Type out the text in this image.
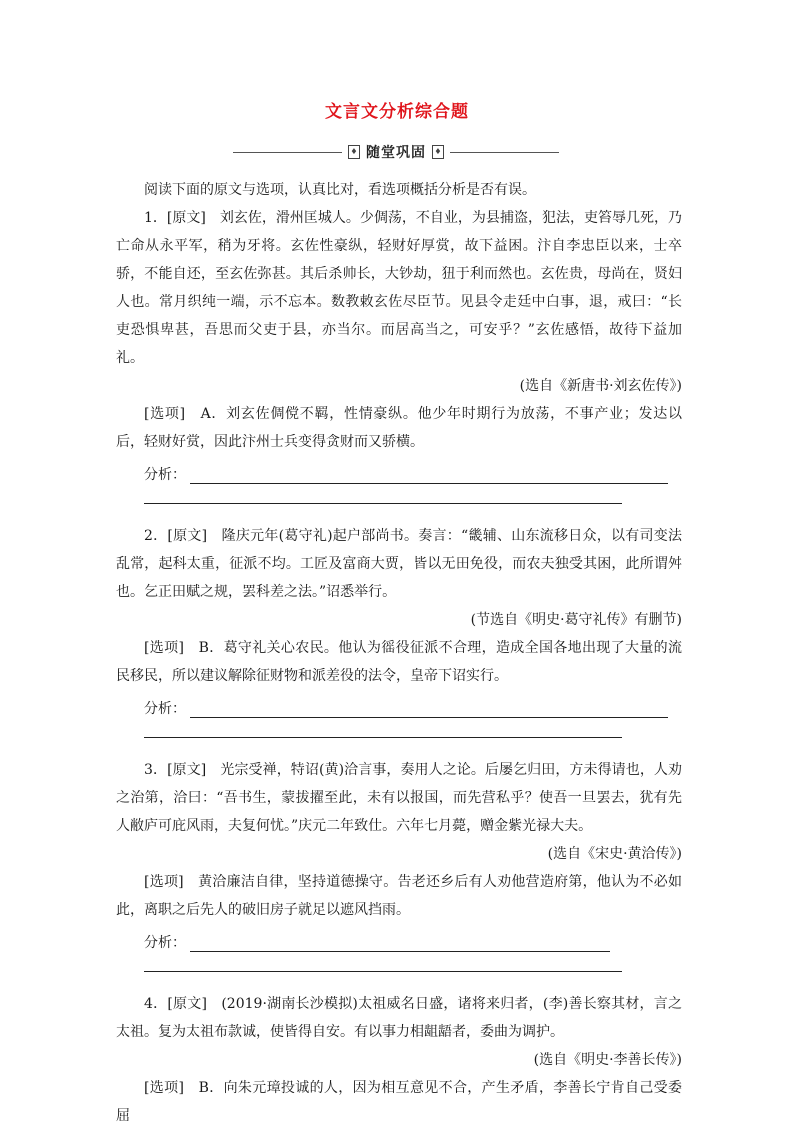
文言文分析综合题
♦ 随堂巩固	♦

阅读下面的原文与选项，认真比对，看选项概括分析是否有误。

1．[原文]　刘玄佐，滑州匡城人。少倜荡，不自业，为县捕盗，犯法，吏笞辱几死，乃亡命从永平军，稍为牙将。玄佐性豪纵，轻财好厚赏，故下益困。汴自李忠臣以来，士卒骄，不能自还，至玄佐弥甚。其后杀帅长，大钞劫，狃于利而然也。玄佐贵，母尚在，贤妇人也。常月织纯一端，示不忘本。数教敕玄佐尽臣节。见县令走廷中白事，退，戒曰：“长吏恐惧卑甚，吾思而父吏于县，亦当尔。而居高当之，可安乎？”玄佐感悟，故待下益加礼。

(选自《新唐书·刘玄佐传》)

[选项]　A．刘玄佐倜傥不羁，性情豪纵。他少年时期行为放荡，不事产业；发达以后，轻财好赏，因此汴州士兵变得贪财而又骄横。

分析：

2．[原文]　隆庆元年(葛守礼)起户部尚书。奏言：“畿辅、山东流移日众，以有司变法乱常，起科太重，征派不均。工匠及富商大贾，皆以无田免役，而农夫独受其困，此所谓舛也。乞正田赋之规，罢科差之法。”诏悉举行。

(节选自《明史·葛守礼传》有删节)

[选项]　B．葛守礼关心农民。他认为徭役征派不合理，造成全国各地出现了大量的流民移民，所以建议解除征财物和派差役的法令，皇帝下诏实行。

分析：

3．[原文]　光宗受禅，特诏(黄)洽言事，奏用人之论。后屡乞归田，方未得请也，人劝之治第，洽曰：“吾书生，蒙拔擢至此，未有以报国，而先营私乎？使吾一旦罢去，犹有先人敝庐可庇风雨，夫复何忧。”庆元二年致仕。六年七月薨，赠金紫光禄大夫。

(选自《宋史·黄洽传》)

[选项]　黄洽廉洁自律，坚持道德操守。告老还乡后有人劝他营造府第，他认为不必如此，离职之后先人的破旧房子就足以遮风挡雨。

分析：

4．[原文]　(2019·湖南长沙模拟)太祖威名日盛，诸将来归者，(李)善长察其材，言之太祖。复为太祖布款诚，使皆得自安。有以事力相龃龉者，委曲为调护。

(选自《明史·李善长传》)

[选项]　B．向朱元璋投诚的人，因为相互意见不合，产生矛盾，李善长宁肯自己受委屈
